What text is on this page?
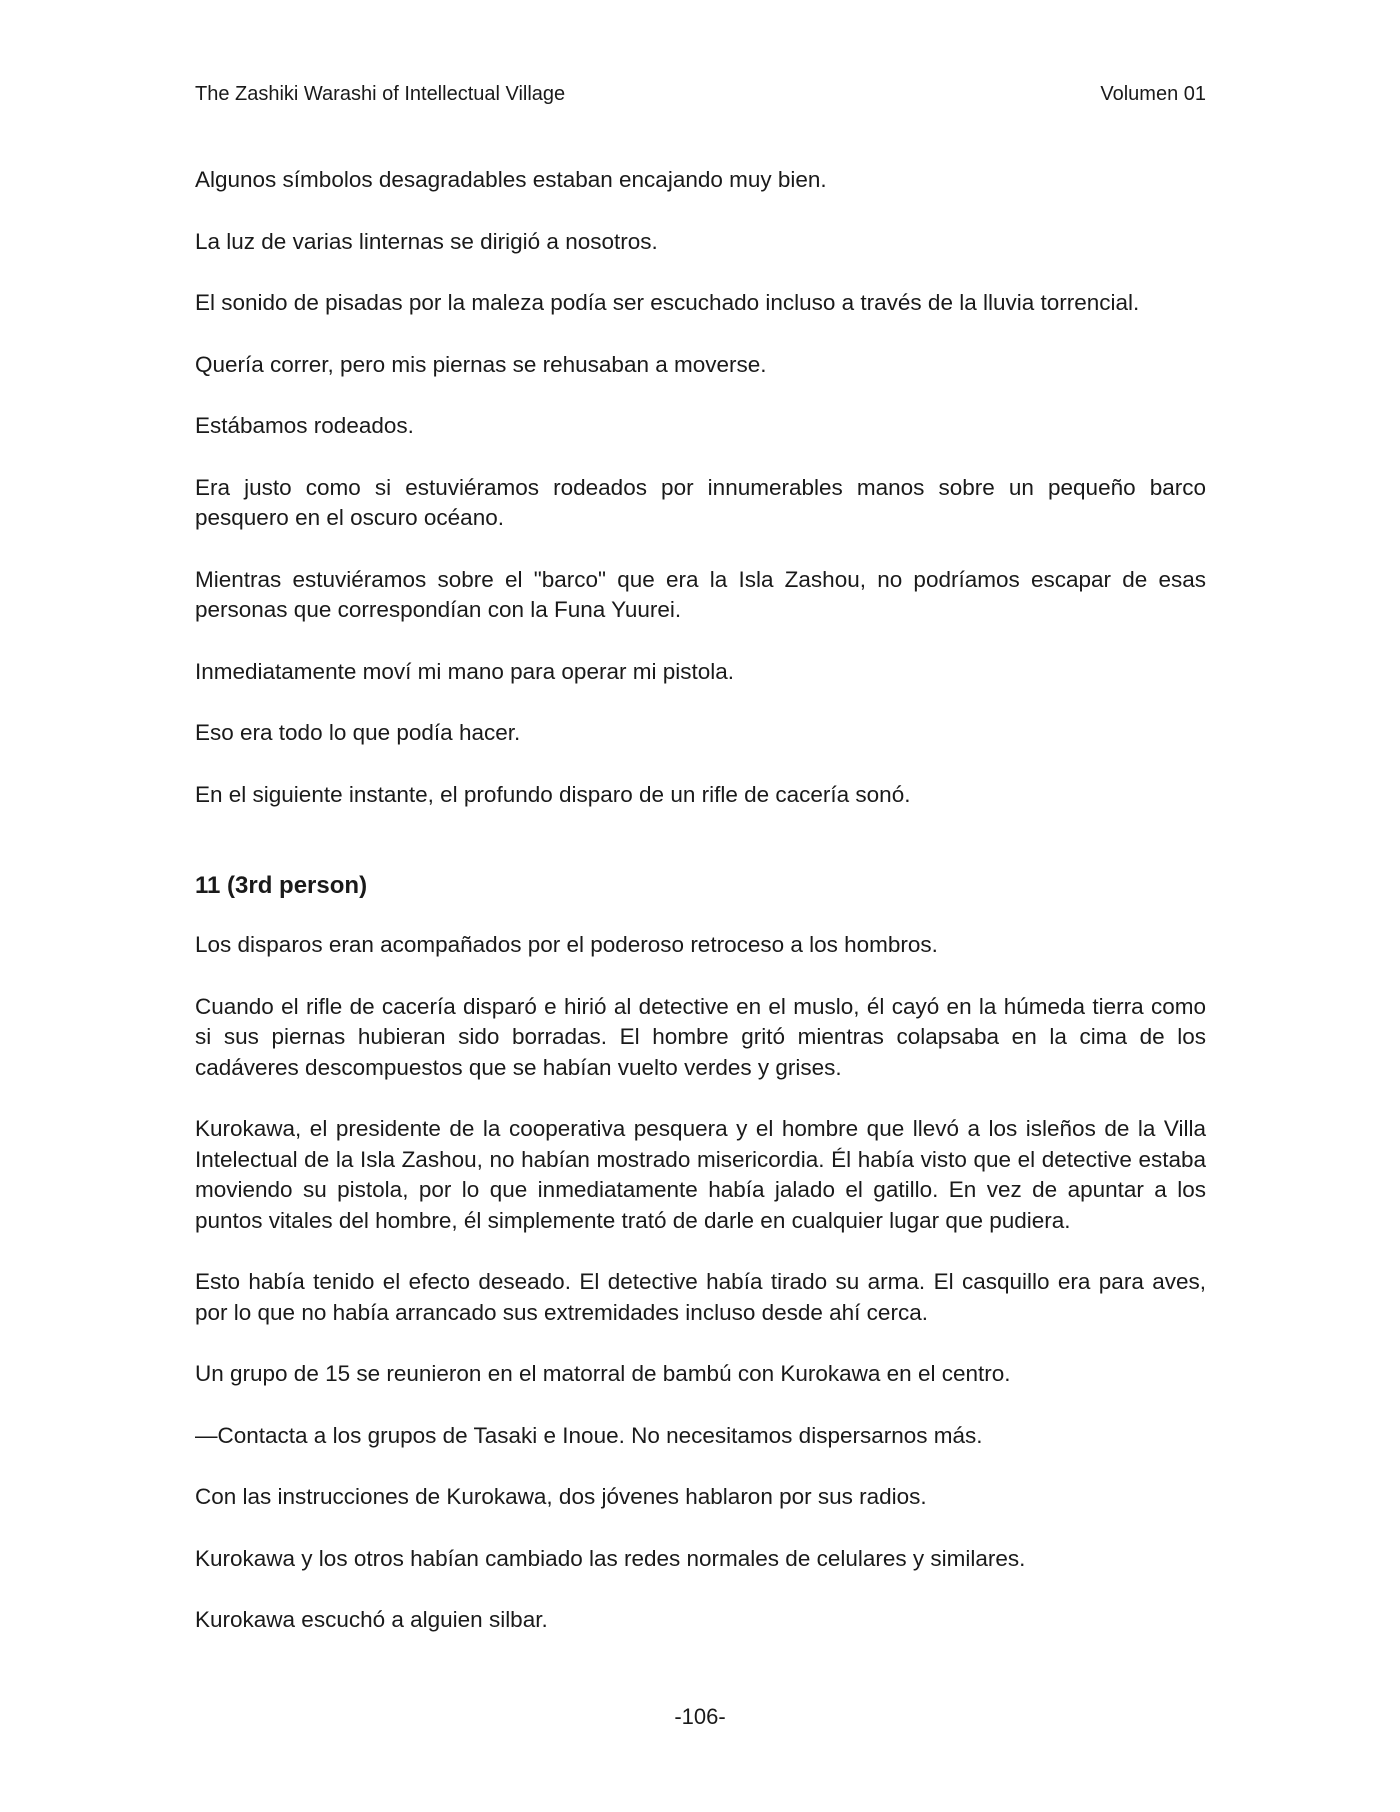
The Zashiki Warashi of Intellectual Village	Volumen 01

Algunos símbolos desagradables estaban encajando muy bien.

La luz de varias linternas se dirigió a nosotros.

El sonido de pisadas por la maleza podía ser escuchado incluso a través de la lluvia torrencial.

Quería correr, pero mis piernas se rehusaban a moverse.

Estábamos rodeados.

Era justo como si estuviéramos rodeados por innumerables manos sobre un pequeño barco pesquero en el oscuro océano.

Mientras estuviéramos sobre el "barco" que era la Isla Zashou, no podríamos escapar de esas personas que correspondían con la Funa Yuurei.

Inmediatamente moví mi mano para operar mi pistola.

Eso era todo lo que podía hacer.

En el siguiente instante, el profundo disparo de un rifle de cacería sonó.

11 (3rd person)

Los disparos eran acompañados por el poderoso retroceso a los hombros.

Cuando el rifle de cacería disparó e hirió al detective en el muslo, él cayó en la húmeda tierra como si sus piernas hubieran sido borradas. El hombre gritó mientras colapsaba en la cima de los cadáveres descompuestos que se habían vuelto verdes y grises.

Kurokawa, el presidente de la cooperativa pesquera y el hombre que llevó a los isleños de la Villa Intelectual de la Isla Zashou, no habían mostrado misericordia. Él había visto que el detective estaba moviendo su pistola, por lo que inmediatamente había jalado el gatillo. En vez de apuntar a los puntos vitales del hombre, él simplemente trató de darle en cualquier lugar que pudiera.

Esto había tenido el efecto deseado. El detective había tirado su arma. El casquillo era para aves, por lo que no había arrancado sus extremidades incluso desde ahí cerca.

Un grupo de 15 se reunieron en el matorral de bambú con Kurokawa en el centro.

—Contacta a los grupos de Tasaki e Inoue. No necesitamos dispersarnos más.

Con las instrucciones de Kurokawa, dos jóvenes hablaron por sus radios.

Kurokawa y los otros habían cambiado las redes normales de celulares y similares.

Kurokawa escuchó a alguien silbar.

-106-
